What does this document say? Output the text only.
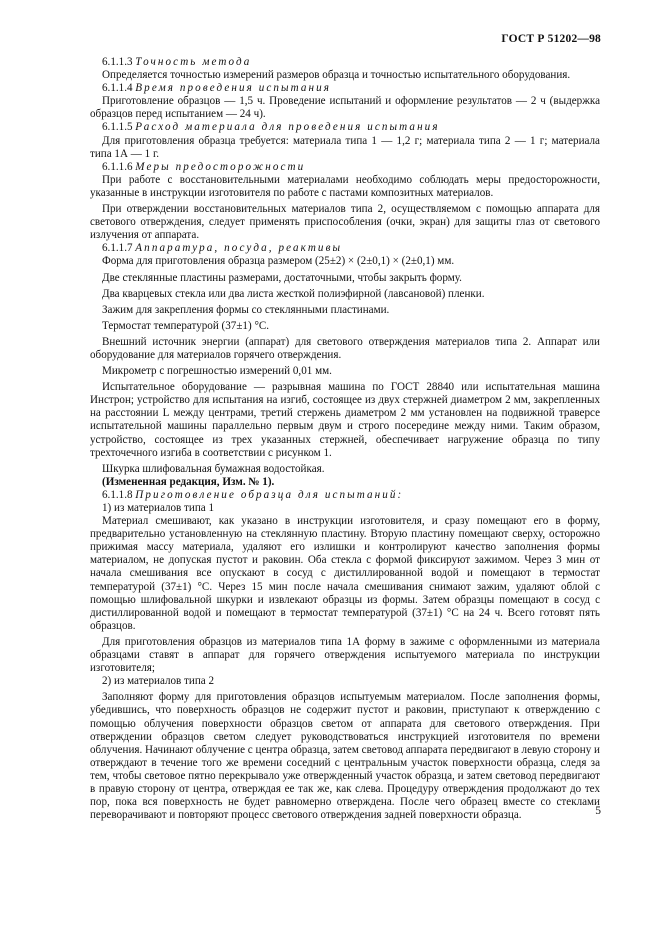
ГОСТ Р 51202—98

6.1.1.3 Точность метода

Определяется точностью измерений размеров образца и точностью испытательного оборудования.

6.1.1.4 Время проведения испытания

Приготовление образцов — 1,5 ч. Проведение испытаний и оформление результатов — 2 ч (выдержка образцов перед испытанием — 24 ч).

6.1.1.5 Расход материала для проведения испытания

Для приготовления образца требуется: материала типа 1 — 1,2 г; материала типа 2 — 1 г; материала типа 1А — 1 г.

6.1.1.6 Меры предосторожности

При работе с восстановительными материалами необходимо соблюдать меры предосторожности, указанные в инструкции изготовителя по работе с пастами композитных материалов.

При отверждении восстановительных материалов типа 2, осуществляемом с помощью аппарата для светового отверждения, следует применять приспособления (очки, экран) для защиты глаз от светового излучения от аппарата.

6.1.1.7 Аппаратура, посуда, реактивы

Форма для приготовления образца размером (25±2) × (2±0,1) × (2±0,1) мм.

Две стеклянные пластины размерами, достаточными, чтобы закрыть форму.

Два кварцевых стекла или два листа жесткой полиэфирной (лавсановой) пленки.

Зажим для закрепления формы со стеклянными пластинами.

Термостат температурой (37±1) °С.

Внешний источник энергии (аппарат) для светового отверждения материалов типа 2. Аппарат или оборудование для материалов горячего отверждения.

Микрометр с погрешностью измерений 0,01 мм.

Испытательное оборудование — разрывная машина по ГОСТ 28840 или испытательная машина Инстрон; устройство для испытания на изгиб, состоящее из двух стержней диаметром 2 мм, закрепленных на расстоянии L между центрами, третий стержень диаметром 2 мм установлен на подвижной траверсе испытательной машины параллельно первым двум и строго посередине между ними. Таким образом, устройство, состоящее из трех указанных стержней, обеспечивает нагружение образца по типу трехточечного изгиба в соответствии с рисунком 1.

Шкурка шлифовальная бумажная водостойкая.

(Измененная редакция, Изм. № 1).

6.1.1.8 Приготовление образца для испытаний:

1) из материалов типа 1

Материал смешивают, как указано в инструкции изготовителя, и сразу помещают его в форму, предварительно установленную на стеклянную пластину. Вторую пластину помещают сверху, осторожно прижимая массу материала, удаляют его излишки и контролируют качество заполнения формы материалом, не допуская пустот и раковин. Оба стекла с формой фиксируют зажимом. Через 3 мин от начала смешивания все опускают в сосуд с дистиллированной водой и помещают в термостат температурой (37±1) °С. Через 15 мин после начала смешивания снимают зажим, удаляют облой с помощью шлифовальной шкурки и извлекают образцы из формы. Затем образцы помещают в сосуд с дистиллированной водой и помещают в термостат температурой (37±1) °С на 24 ч. Всего готовят пять образцов.

Для приготовления образцов из материалов типа 1А форму в зажиме с оформленными из материала образцами ставят в аппарат для горячего отверждения испытуемого материала по инструкции изготовителя;

2) из материалов типа 2

Заполняют форму для приготовления образцов испытуемым материалом. После заполнения формы, убедившись, что поверхность образцов не содержит пустот и раковин, приступают к отверждению с помощью облучения поверхности образцов светом от аппарата для светового отверждения. При отверждении образцов светом следует руководствоваться инструкцией изготовителя по времени облучения. Начинают облучение с центра образца, затем световод аппарата передвигают в левую сторону и отверждают в течение того же времени соседний с центральным участок поверхности образца, следя за тем, чтобы световое пятно перекрывало уже отвержденный участок образца, и затем световод передвигают в правую сторону от центра, отверждая ее так же, как слева. Процедуру отверждения продолжают до тех пор, пока вся поверхность не будет равномерно отверждена. После чего образец вместе со стеклами переворачивают и повторяют процесс светового отверждения задней поверхности образца.	5
